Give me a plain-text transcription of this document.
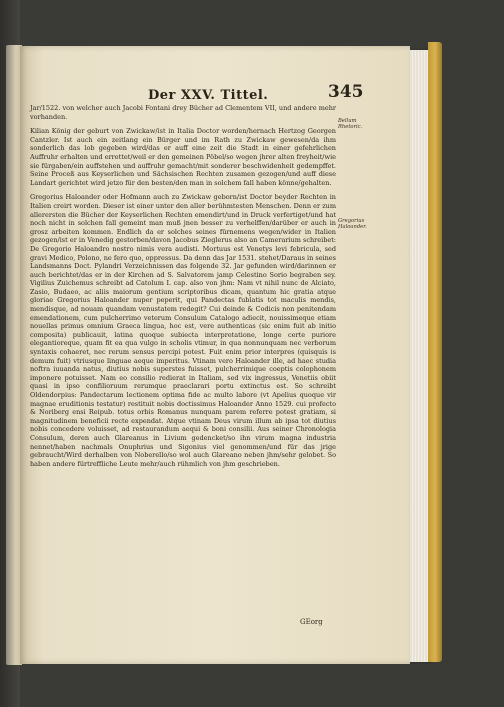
Der XXV. Tittel.	345

Jar/1522. von welcher auch Jacobi Fontani drey Bücher ad Clementem VII, und andere mehr vorhanden.

Kilian König der geburt von Zwickaw/ist in Italia Doctor worden/hernach Hertzog Georgen Cantzler. Ist auch ein zeitlang ein Bürger und im Rath zu Zwickaw gewesen/da ihm sonderlich das lob gegeben wird/das er auff eine zeit die Stadt in einer gefehrlichen Auffruhr erhalten und errettet/weil er den gemeinen Pöbel/so wegen jhrer alten freyheit/wie sie fürgaben/ein auffstehen und auffruhr gemacht/mit sonderer beschwidenheit gedempffet. Seine Proceß aus Keyserlichen und Sächsischen Rechten zusamen gezogen/und auff diese Landart gerichtet wird jetzo für den besten/den man in solchem fall haben könne/gehalten.

Gregorius Haloander oder Hofmann auch zu Zwickaw geborn/ist Doctor beyder Rechten in Italien creirt worden. Dieser ist einer unter den aller berühmtesten Menschen. Denn er zum allerersten die Bücher der Keyserlichen Rechten emendirt/und in Druck verfertiget/und hat noch nicht in solchen fall gemeint man muß jnen besser zu verhelffen/darüber er auch in grosz arbeiten kommen. Endlich da er solches seines fürnemens wegen/wider in Italien gezogen/ist er in Venedig gestorben/davon Jacobus Zieglerus also an Camerarium schreibet: De Gregorio Haloandro nostro nimis vera audisti. Mortuus est Venetys levi febricula, sed gravi Medico, Polono, ne fero quo, oppressus. Da denn das Jar 1531. stehet/Daraus in seines Landsmanns Doct. Pylandri Verzeichnissen das folgende 32. Jar gefunden wird/darinnen er auch berichtet/das er in der Kirchen ad S. Salvatorem jamp Celestino Sorio begraben sey. Vigilius Zuichemus schreibt ad Catolum I. cap. also von jhm: Nam vt nihil nunc de Alciato, Zasio, Budaeo, ac aliis maiorum gentium scriptoribus dicam, quantum hic gratia atque gloriae Gregorius Haloander nuper peperit, qui Pandectas fublatis tot maculis mendis, mendisque, ad nouam quandam venustatem redegit? Cui deinde & Codicis non penitendam emendationem, cum pulcherrimo veterum Consulum Catalogo adiecit, nouissimeque etiam nouellas primus omnium Graeca lingua, hoc est, vere authenticas (sic enim fuit ab initio composita) publicauit, latina quoque subiecta interpretatione, longe certe puriore elegantioreque, quam fit ea qua vulgo in scholis vtimur, in qua nonnunquam nec verborum syntaxis cohaeret, nec rerum sensus percipi potest. Fuit enim prior interpres (quisquis is demum fuit) vtriusque linguae aeque imperitus. Vtinam vero Haloander ille, ad haec studia noftra iuuanda natus, diutius nobis superstes fuisset, pulcherrimique coeptis colophonem imponere potuisset. Nam eo consilio redierat in Italiam, sed vix ingressus, Venetiis obiit quasi in ipso confilioruum rerumque praeclarari portu extinctus est. So schreibt Oldendorpius: Pandectarum lectionem optima fide ac multo labore (vt Apelius quoque vir magnae eruditionis testatur) restituit nobis doctissimus Haloander Anno 1529. cui profecto & Noriberg ensi Reipub. totus orbis Romanus nunquam parem referre potest gratiam, si magnitudinem beneficii recte expendat. Atque vtinam Deus virum illum ab ipsa tot diutius nobis concedere voluisset, ad restaurandum aequi & boni consilii. Aus seiner Chronologia Consulum, deren auch Glareanus in Livium gedencket/so ihn virum magna industria nennet/haben nachmals Onuphrius und Sigonius viel genommen/und für das jrige gebraucht/Wird derhalben von Noberello/so wol auch Glareano neben jhm/sehr gelobet. So haben andere fürtreffliche Leute mehr/auch rühmlich von jhm geschrieben.

Bellum Rhetoric.
Gregorius Haloander.
GEorg
